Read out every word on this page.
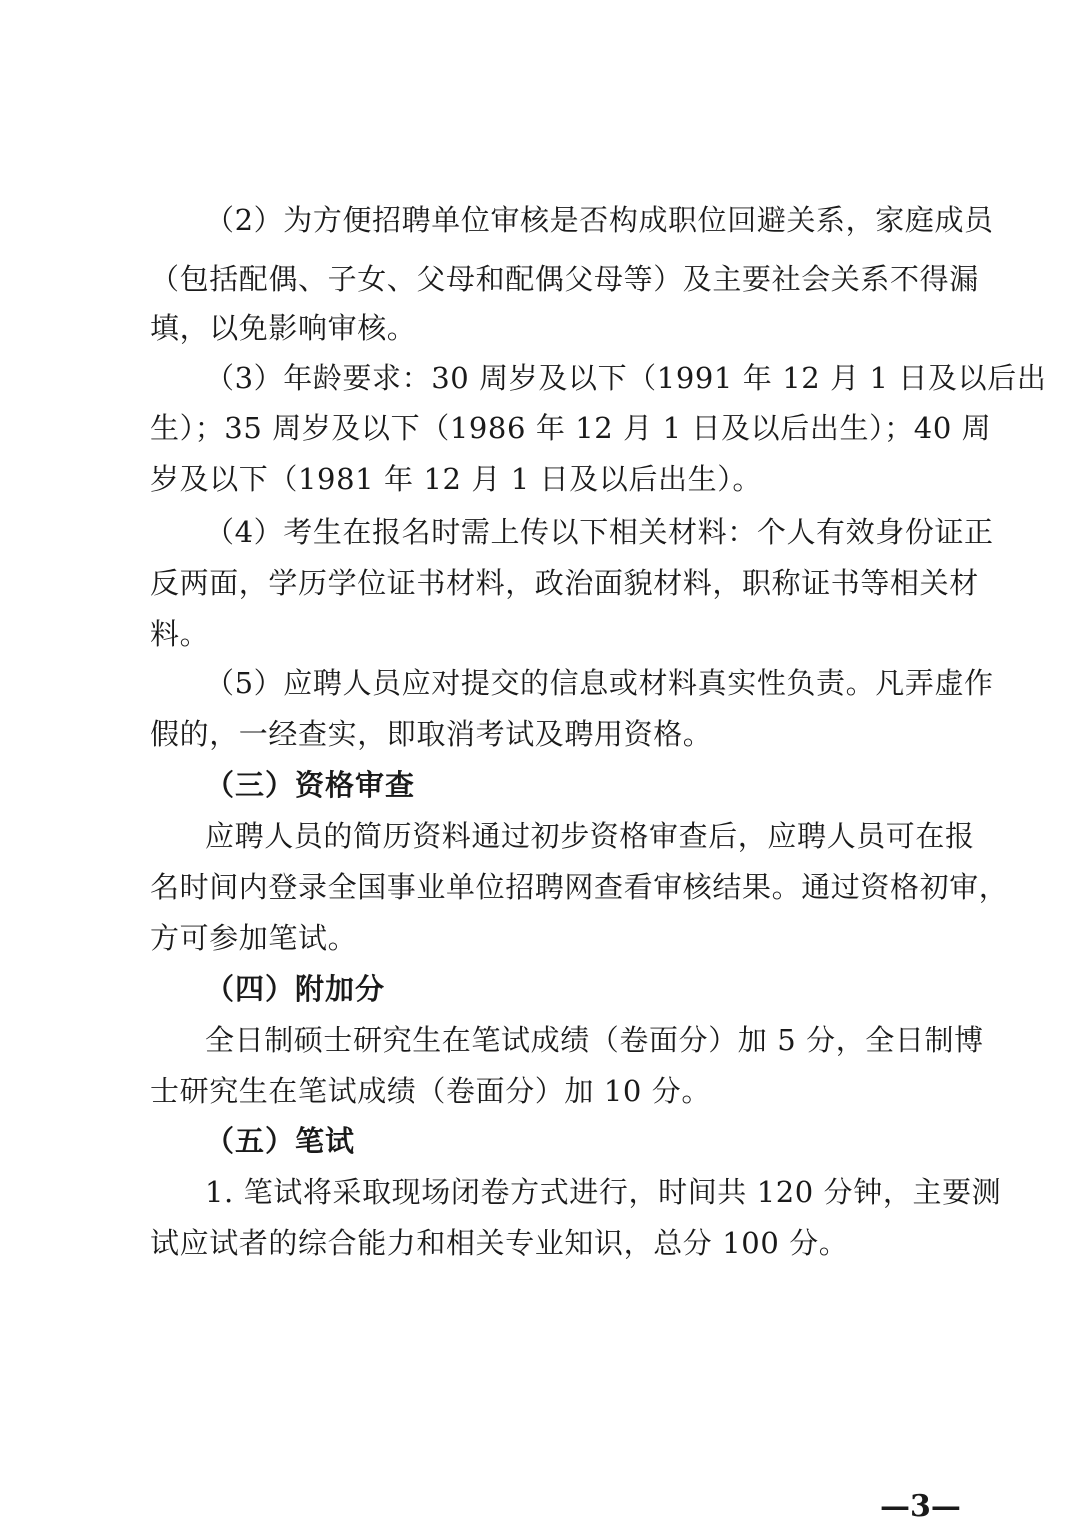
（2）为方便招聘单位审核是否构成职位回避关系，家庭成员
（包括配偶、子女、父母和配偶父母等）及主要社会关系不得漏
填，以免影响审核。
（3）年龄要求：30 周岁及以下（1991 年 12 月 1 日及以后出
生）；35 周岁及以下（1986 年 12 月 1 日及以后出生）；40 周
岁及以下（1981 年 12 月 1 日及以后出生）。
（4）考生在报名时需上传以下相关材料：个人有效身份证正
反两面，学历学位证书材料，政治面貌材料，职称证书等相关材
料。
（5）应聘人员应对提交的信息或材料真实性负责。凡弄虚作
假的，一经查实，即取消考试及聘用资格。
（三）资格审查
应聘人员的简历资料通过初步资格审查后，应聘人员可在报
名时间内登录全国事业单位招聘网查看审核结果。通过资格初审，
方可参加笔试。
（四）附加分
全日制硕士研究生在笔试成绩（卷面分）加 5 分，全日制博
士研究生在笔试成绩（卷面分）加 10 分。
（五）笔试
1. 笔试将采取现场闭卷方式进行，时间共 120 分钟，主要测
试应试者的综合能力和相关专业知识，总分 100 分。
—3—
